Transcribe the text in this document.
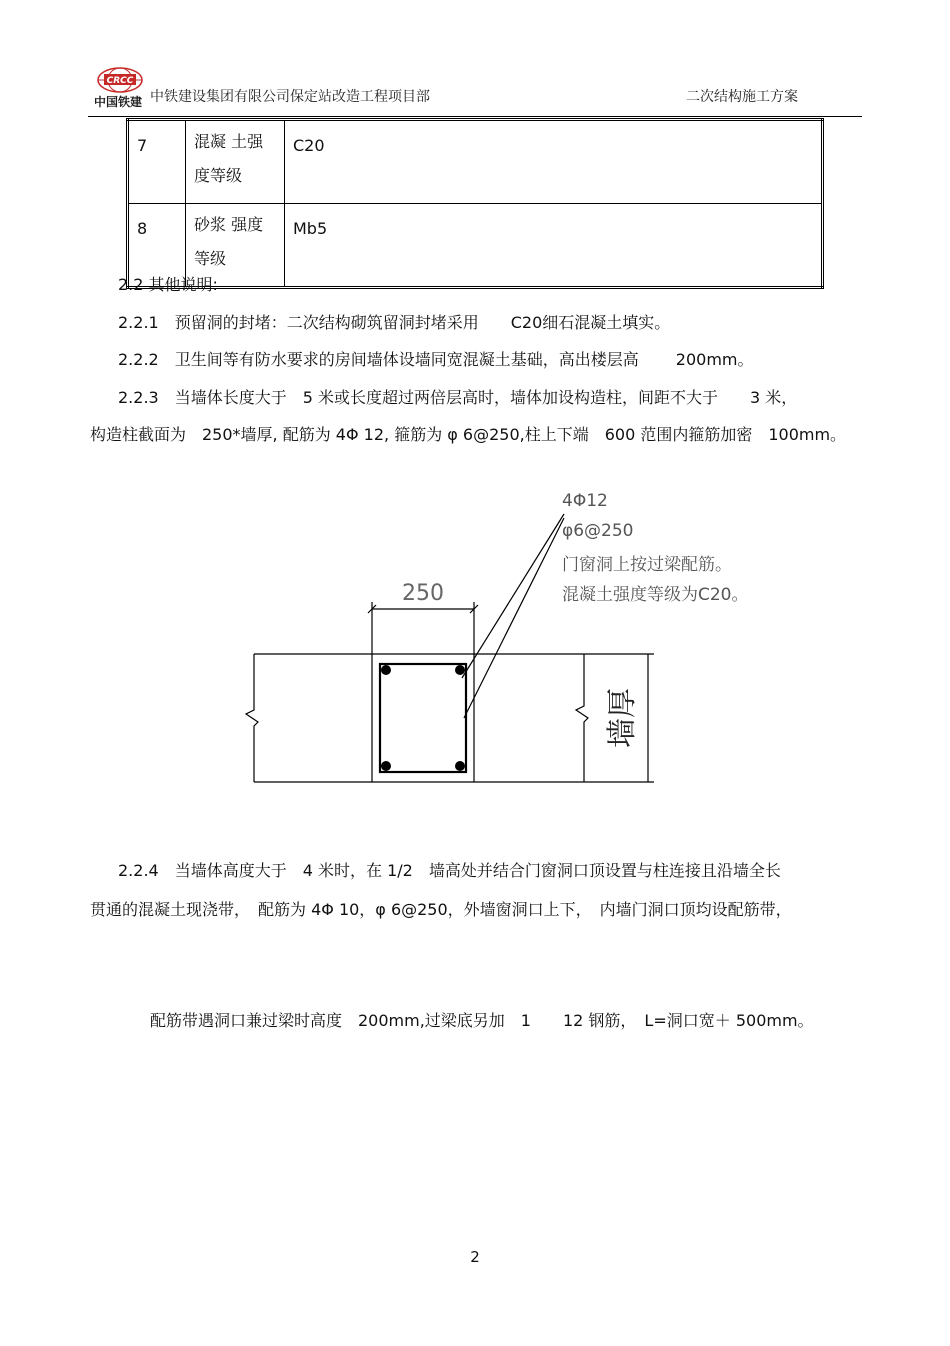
CRCC
中国铁建 中铁建设集团有限公司保定站改造工程项目部	二次结构施工方案
7	混凝 土强度等级	C20
8	砂浆 强度等级	Mb5
2.2 其他说明:
2.2.1　预留洞的封堵：二次结构砌筑留洞封堵采用　　C20细石混凝土填实。
2.2.2　卫生间等有防水要求的房间墙体设墙同宽混凝土基础，高出楼层高　　 200mm。
2.2.3　当墙体长度大于　5 米或长度超过两倍层高时，墙体加设构造柱，间距不大于　　3 米，
构造柱截面为　250*墙厚, 配筋为 4Φ 12, 箍筋为 φ 6@250,柱上下端　600 范围内箍筋加密　100mm。
250
4Φ12
φ6@250
门窗洞上按过梁配筋。
混凝土强度等级为C20。
墙厚
2.2.4　当墙体高度大于　4 米时，在 1/2　墙高处并结合门窗洞口顶设置与柱连接且沿墙全长
贯通的混凝土现浇带，　配筋为 4Φ 10，φ 6@250，外墙窗洞口上下，　内墙门洞口顶均设配筋带，
配筋带遇洞口兼过梁时高度　200mm,过梁底另加　1　　12 钢筋，　L=洞口宽＋ 500mm。
2
